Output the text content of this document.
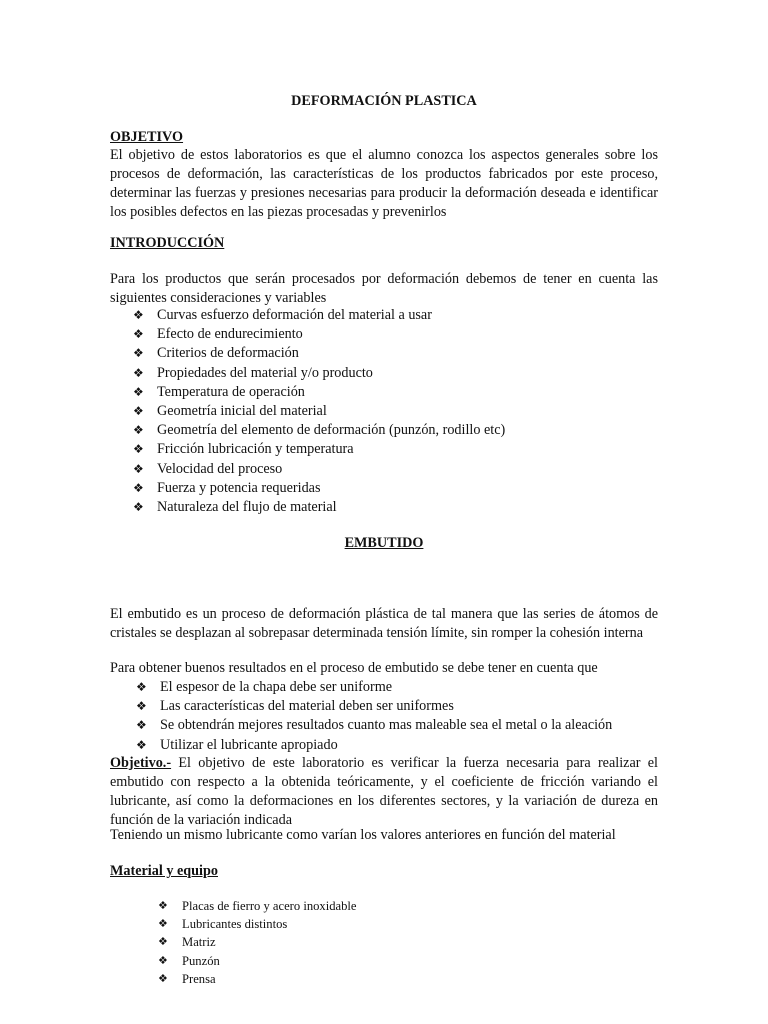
DEFORMACIÓN PLASTICA
OBJETIVO
El objetivo de estos laboratorios es que el alumno conozca los aspectos generales sobre los procesos de deformación, las características de los productos fabricados por este proceso, determinar las fuerzas y presiones necesarias para producir la deformación deseada e identificar los posibles defectos en las piezas procesadas y prevenirlos
INTRODUCCIÓN
Para los productos que serán procesados por deformación debemos de tener en cuenta las siguientes consideraciones y variables
❖ Curvas esfuerzo deformación del material a usar
❖ Efecto de endurecimiento
❖ Criterios de deformación
❖ Propiedades del material y/o producto
❖ Temperatura de operación
❖ Geometría inicial del material
❖ Geometría del elemento de deformación (punzón, rodillo etc)
❖ Fricción lubricación y temperatura
❖ Velocidad del proceso
❖ Fuerza y potencia requeridas
❖ Naturaleza del flujo de material
EMBUTIDO
El embutido es un proceso de deformación plástica de tal manera que las series de átomos de cristales se desplazan al sobrepasar determinada tensión límite, sin romper la cohesión interna
Para obtener buenos resultados en el proceso de embutido se debe tener en cuenta que
❖ El espesor de la chapa debe ser uniforme
❖ Las características del material deben ser uniformes
❖ Se obtendrán mejores resultados cuanto mas maleable sea el metal o la aleación
❖ Utilizar el lubricante apropiado
Objetivo.- El objetivo de este laboratorio es verificar la fuerza necesaria para realizar el embutido con respecto a la obtenida teóricamente, y el coeficiente de fricción variando el lubricante, así como la deformaciones en los diferentes sectores, y la variación de dureza en función de la variación indicada
Teniendo un mismo lubricante como varían los valores anteriores en función del material
Material y equipo
❖ Placas de fierro y acero inoxidable
❖ Lubricantes distintos
❖ Matriz
❖ Punzón
❖ Prensa
